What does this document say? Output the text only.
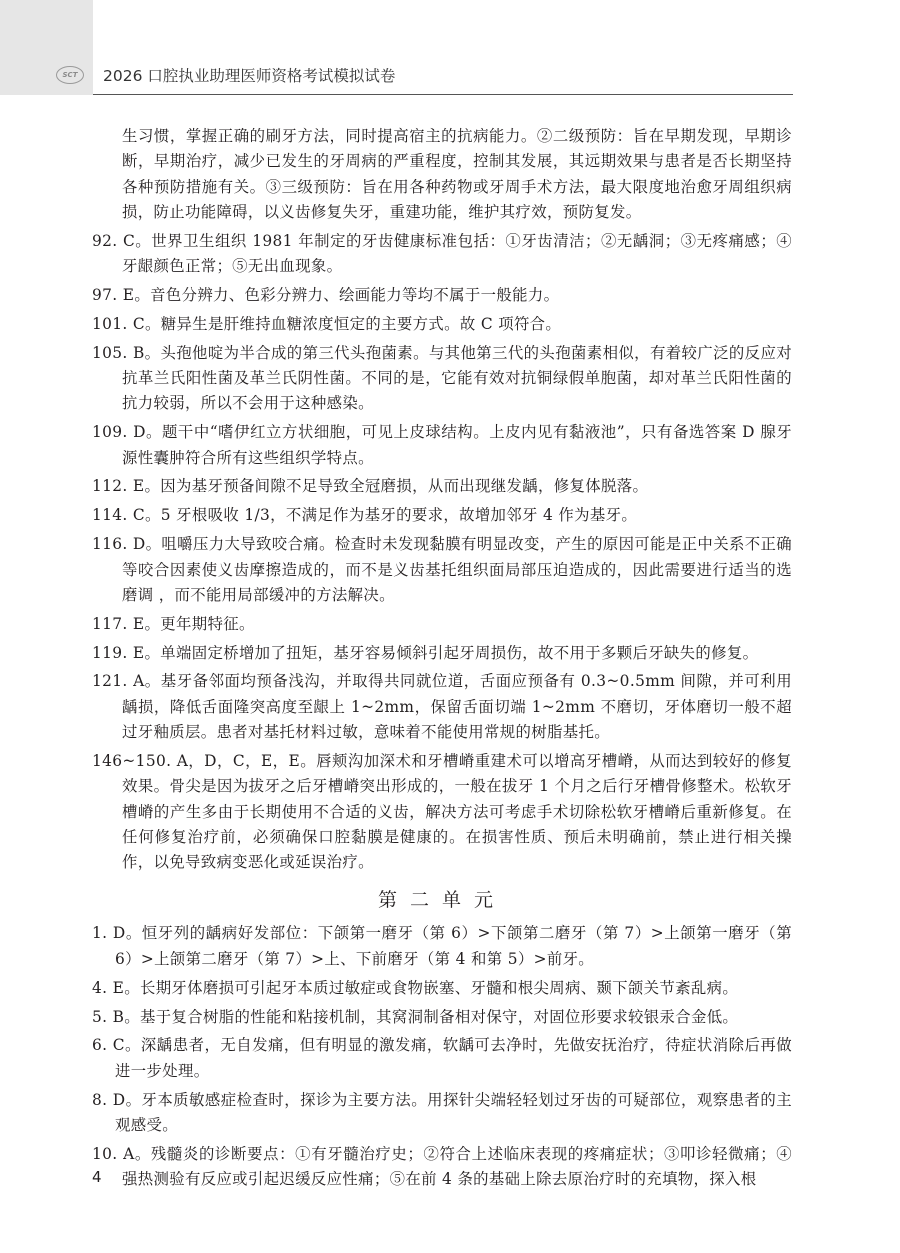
SCT	2026 口腔执业助理医师资格考试模拟试卷

生习惯，掌握正确的刷牙方法，同时提高宿主的抗病能力。②二级预防：旨在早期发现，早期诊断，早期治疗，减少已发生的牙周病的严重程度，控制其发展，其远期效果与患者是否长期坚持各种预防措施有关。③三级预防：旨在用各种药物或牙周手术方法，最大限度地治愈牙周组织病损，防止功能障碍，以义齿修复失牙，重建功能，维护其疗效，预防复发。

92. C。世界卫生组织 1981 年制定的牙齿健康标准包括：①牙齿清洁；②无龋洞；③无疼痛感；④牙龈颜色正常；⑤无出血现象。

97. E。音色分辨力、色彩分辨力、绘画能力等均不属于一般能力。

101. C。糖异生是肝维持血糖浓度恒定的主要方式。故 C 项符合。

105. B。头孢他啶为半合成的第三代头孢菌素。与其他第三代的头孢菌素相似，有着较广泛的反应对抗革兰氏阳性菌及革兰氏阴性菌。不同的是，它能有效对抗铜绿假单胞菌，却对革兰氏阳性菌的抗力较弱，所以不会用于这种感染。

109. D。题干中“嗜伊红立方状细胞，可见上皮球结构。上皮内见有黏液池”，只有备选答案 D 腺牙源性囊肿符合所有这些组织学特点。

112. E。因为基牙预备间隙不足导致全冠磨损，从而出现继发龋，修复体脱落。

114. C。5 牙根吸收 1/3，不满足作为基牙的要求，故增加邻牙 4 作为基牙。

116. D。咀嚼压力大导致咬合痛。检查时未发现黏膜有明显改变，产生的原因可能是正中关系不正确等咬合因素使义齿摩擦造成的，而不是义齿基托组织面局部压迫造成的，因此需要进行适当的选磨调 ，而不能用局部缓冲的方法解决。

117. E。更年期特征。

119. E。单端固定桥增加了扭矩，基牙容易倾斜引起牙周损伤，故不用于多颗后牙缺失的修复。

121. A。基牙备邻面均预备浅沟，并取得共同就位道，舌面应预备有 0.3~0.5mm 间隙，并可利用龋损，降低舌面隆突高度至龈上 1~2mm，保留舌面切端 1~2mm 不磨切，牙体磨切一般不超过牙釉质层。患者对基托材料过敏，意味着不能使用常规的树脂基托。

146~150. A，D，C，E，E。唇颊沟加深术和牙槽嵴重建术可以增高牙槽嵴，从而达到较好的修复效果。骨尖是因为拔牙之后牙槽嵴突出形成的，一般在拔牙 1 个月之后行牙槽骨修整术。松软牙槽嵴的产生多由于长期使用不合适的义齿，解决方法可考虑手术切除松软牙槽嵴后重新修复。在任何修复治疗前，必须确保口腔黏膜是健康的。在损害性质、预后未明确前，禁止进行相关操作，以免导致病变恶化或延误治疗。

第二单元

1. D。恒牙列的龋病好发部位：下颌第一磨牙（第 6）>下颌第二磨牙（第 7）>上颌第一磨牙（第 6）>上颌第二磨牙（第 7）>上、下前磨牙（第 4 和第 5）>前牙。

4. E。长期牙体磨损可引起牙本质过敏症或食物嵌塞、牙髓和根尖周病、颞下颌关节紊乱病。

5. B。基于复合树脂的性能和粘接机制，其窝洞制备相对保守，对固位形要求较银汞合金低。

6. C。深龋患者，无自发痛，但有明显的激发痛，软龋可去净时，先做安抚治疗，待症状消除后再做进一步处理。

8. D。牙本质敏感症检查时，探诊为主要方法。用探针尖端轻轻划过牙齿的可疑部位，观察患者的主观感受。

10. A。残髓炎的诊断要点：①有牙髓治疗史；②符合上述临床表现的疼痛症状；③叩诊轻微痛；④强热测验有反应或引起迟缓反应性痛；⑤在前 4 条的基础上除去原治疗时的充填物，探入根

4
